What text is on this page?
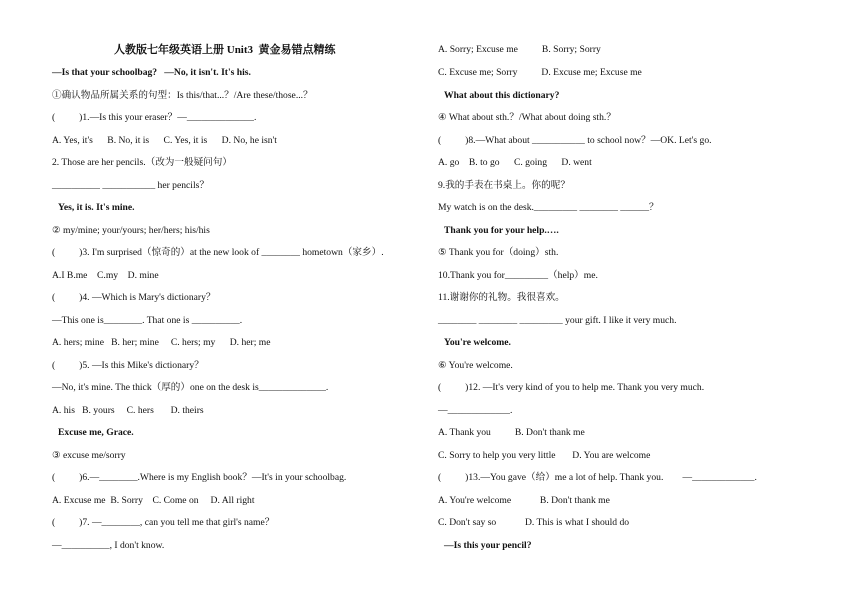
人教版七年级英语上册 Unit3  黄金易错点精练
—Is that your schoolbag?   —No, it isn't. It's his.
①确认物品所属关系的句型：Is this/that...？/Are these/those...？
(          )1.—Is this your eraser？—______________.
A. Yes, it's      B. No, it is      C. Yes, it is      D. No, he isn't
2. Those are her pencils.（改为一般疑问句）
__________ ___________ her pencils？
Yes, it is. It's mine.
② my/mine; your/yours; her/hers; his/his
(          )3. I'm surprised（惊奇的）at the new look of ________ hometown（家乡）.
A.I B.me    C.my    D. mine
(          )4. —Which is Mary's dictionary？
—This one is________. That one is __________.
A. hers; mine   B. her; mine     C. hers; my      D. her; me
(          )5. —Is this Mike's dictionary？
—No, it's mine. The thick（厚的）one on the desk is______________.
A. his   B. yours     C. hers       D. theirs
Excuse me, Grace.
③ excuse me/sorry
(          )6.—________.Where is my English book？—It's in your schoolbag.
A. Excuse me  B. Sorry    C. Come on     D. All right
(          )7. —________, can you tell me that girl's name？
—__________, I don't know.
A. Sorry; Excuse me          B. Sorry; Sorry
C. Excuse me; Sorry          D. Excuse me; Excuse me
What about this dictionary?
④ What about sth.？/What about doing sth.？
(          )8.—What about ___________ to school now？—OK. Let's go.
A. go    B. to go      C. going      D. went
9.我的手表在书桌上。你的呢？
My watch is on the desk._________ ________ ______？
Thank you for your help.….
⑤ Thank you for（doing）sth.
10.Thank you for_________（help）me.
11.谢谢你的礼物。我很喜欢。
________ ________ _________ your gift. I like it very much.
You're welcome.
⑥ You're welcome.
(          )12. —It's very kind of you to help me. Thank you very much.
—_____________.
A. Thank you          B. Don't thank me
C. Sorry to help you very little       D. You are welcome
(          )13.—You gave（给）me a lot of help. Thank you.        —_____________.
A. You're welcome            B. Don't thank me
C. Don't say so            D. This is what I should do
—Is this your pencil?
